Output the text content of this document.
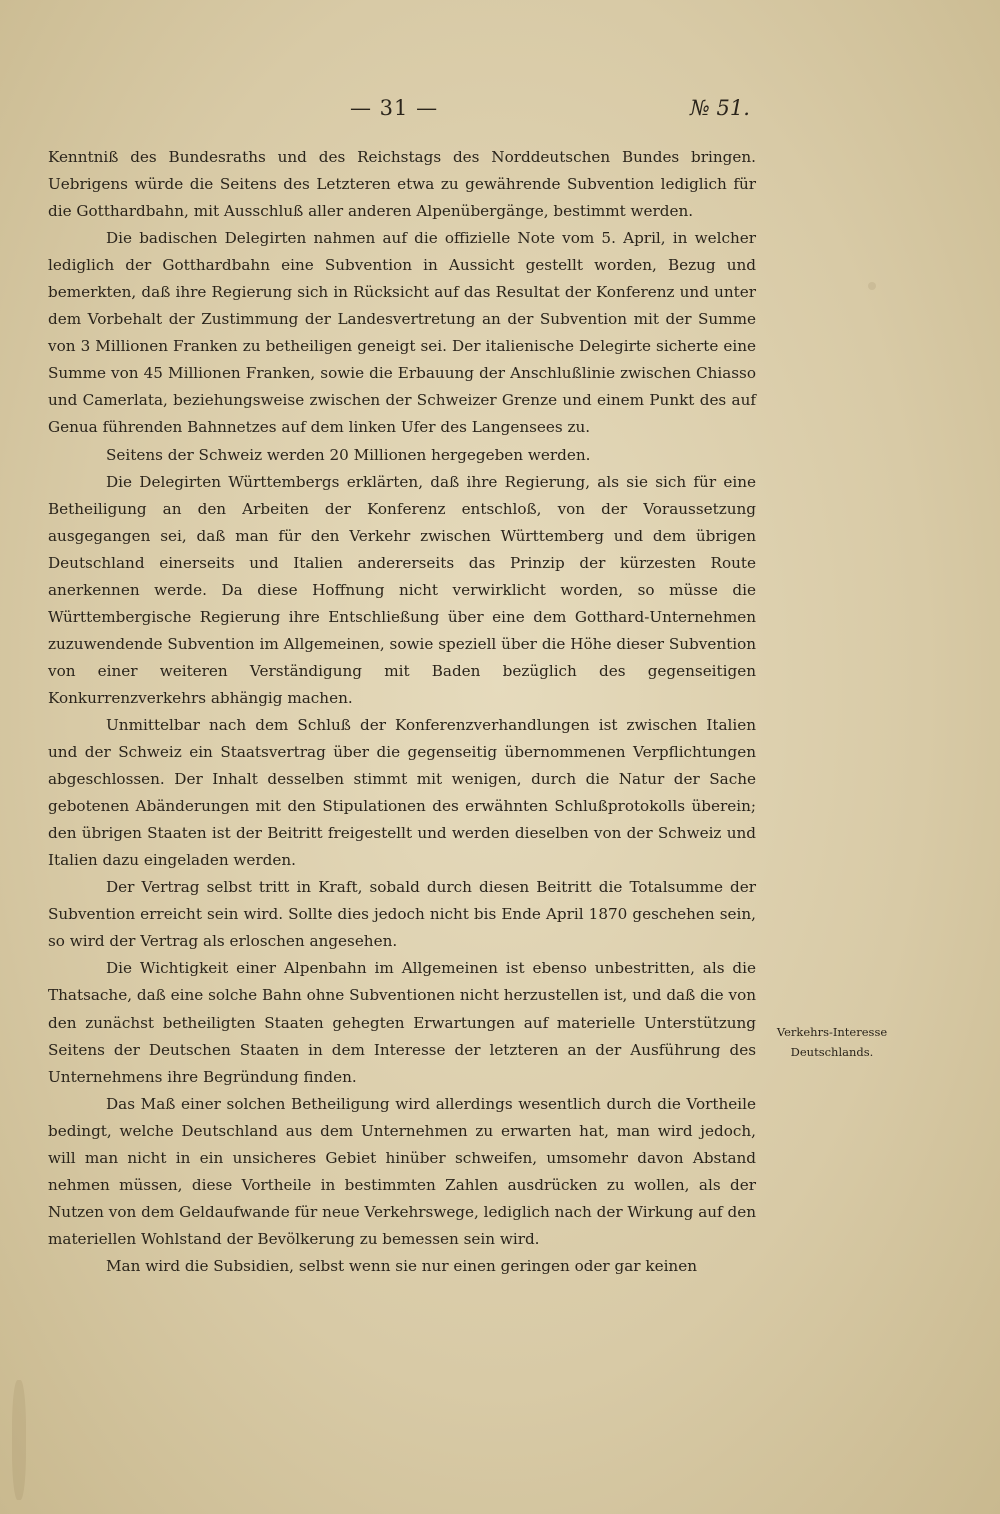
— 31 —	№ 51.

Kenntniß des Bundesraths und des Reichstags des Norddeutschen Bundes bringen. Uebrigens würde die Seitens des Letzteren etwa zu gewährende Subvention lediglich für die Gotthardbahn, mit Ausschluß aller anderen Alpenübergänge, bestimmt werden.

Die badischen Delegirten nahmen auf die offizielle Note vom 5. April, in welcher lediglich der Gotthardbahn eine Subvention in Aussicht gestellt worden, Bezug und bemerkten, daß ihre Regierung sich in Rücksicht auf das Resultat der Konferenz und unter dem Vorbehalt der Zustimmung der Landesvertretung an der Subvention mit der Summe von 3 Millionen Franken zu betheiligen geneigt sei. Der italienische Delegirte sicherte eine Summe von 45 Millionen Franken, sowie die Erbauung der Anschlußlinie zwischen Chiasso und Camerlata, beziehungsweise zwischen der Schweizer Grenze und einem Punkt des auf Genua führenden Bahnnetzes auf dem linken Ufer des Langensees zu.

Seitens der Schweiz werden 20 Millionen hergegeben werden.

Die Delegirten Württembergs erklärten, daß ihre Regierung, als sie sich für eine Betheiligung an den Arbeiten der Konferenz entschloß, von der Voraussetzung ausgegangen sei, daß man für den Verkehr zwischen Württemberg und dem übrigen Deutschland einerseits und Italien andererseits das Prinzip der kürzesten Route anerkennen werde. Da diese Hoffnung nicht verwirklicht worden, so müsse die Württembergische Regierung ihre Entschließung über eine dem Gotthard-Unternehmen zuzuwendende Subvention im Allgemeinen, sowie speziell über die Höhe dieser Subvention von einer weiteren Verständigung mit Baden bezüglich des gegenseitigen Konkurrenzverkehrs abhängig machen.

Unmittelbar nach dem Schluß der Konferenzverhandlungen ist zwischen Italien und der Schweiz ein Staatsvertrag über die gegenseitig übernommenen Verpflichtungen abgeschlossen. Der Inhalt desselben stimmt mit wenigen, durch die Natur der Sache gebotenen Abänderungen mit den Stipulationen des erwähnten Schlußprotokolls überein; den übrigen Staaten ist der Beitritt freigestellt und werden dieselben von der Schweiz und Italien dazu eingeladen werden.

Der Vertrag selbst tritt in Kraft, sobald durch diesen Beitritt die Totalsumme der Subvention erreicht sein wird. Sollte dies jedoch nicht bis Ende April 1870 geschehen sein, so wird der Vertrag als erloschen angesehen.

Die Wichtigkeit einer Alpenbahn im Allgemeinen ist ebenso unbestritten, als die Thatsache, daß eine solche Bahn ohne Subventionen nicht herzustellen ist, und daß die von den zunächst betheiligten Staaten gehegten Erwartungen auf materielle Unterstützung Seitens der Deutschen Staaten in dem Interesse der letzteren an der Ausführung des Unternehmens ihre Begründung finden.

Das Maß einer solchen Betheiligung wird allerdings wesentlich durch die Vortheile bedingt, welche Deutschland aus dem Unternehmen zu erwarten hat, man wird jedoch, will man nicht in ein unsicheres Gebiet hinüber schweifen, umsomehr davon Abstand nehmen müssen, diese Vortheile in bestimmten Zahlen ausdrücken zu wollen, als der Nutzen von dem Geldaufwande für neue Verkehrswege, lediglich nach der Wirkung auf den materiellen Wohlstand der Bevölkerung zu bemessen sein wird.

Man wird die Subsidien, selbst wenn sie nur einen geringen oder gar keinen

Verkehrs-Interesse Deutschlands.
